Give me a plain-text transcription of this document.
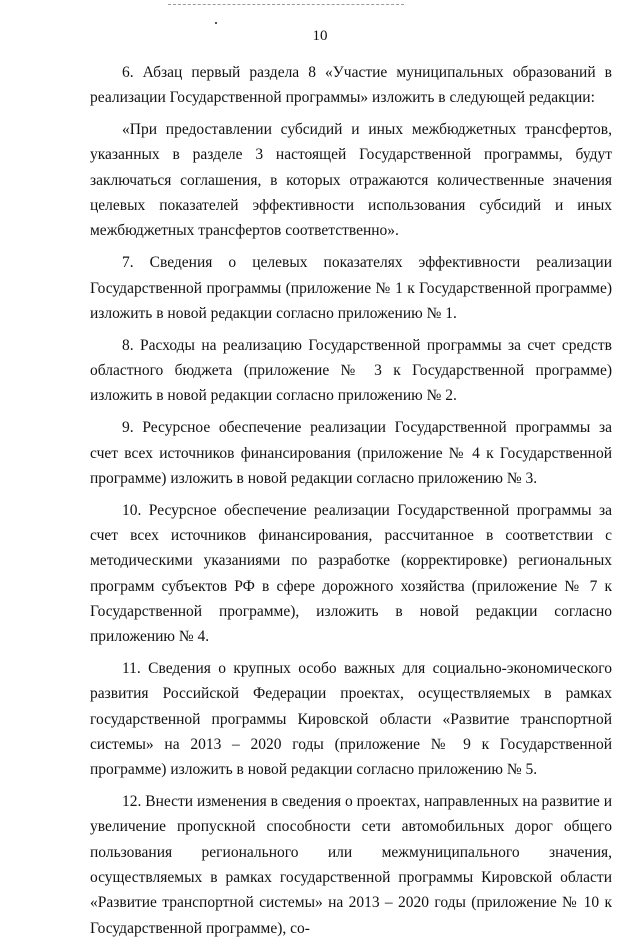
10

6. Абзац первый раздела 8 «Участие муниципальных образований в реализации Государственной программы» изложить в следующей редакции:

«При предоставлении субсидий и иных межбюджетных трансфертов, указанных в разделе 3 настоящей Государственной программы, будут заключаться соглашения, в которых отражаются количественные значения целевых показателей эффективности использования субсидий и иных межбюджетных трансфертов соответственно».

7. Сведения о целевых показателях эффективности реализации Государственной программы (приложение № 1 к Государственной программе) изложить в новой редакции согласно приложению № 1.

8. Расходы на реализацию Государственной программы за счет средств областного бюджета (приложение № 3 к Государственной программе) изложить в новой редакции согласно приложению № 2.

9. Ресурсное обеспечение реализации Государственной программы за счет всех источников финансирования (приложение № 4 к Государственной программе) изложить в новой редакции согласно приложению № 3.

10. Ресурсное обеспечение реализации Государственной программы за счет всех источников финансирования, рассчитанное в соответствии с методическими указаниями по разработке (корректировке) региональных программ субъектов РФ в сфере дорожного хозяйства (приложение № 7 к Государственной программе), изложить в новой редакции согласно приложению № 4.

11. Сведения о крупных особо важных для социально-экономического развития Российской Федерации проектах, осуществляемых в рамках государственной программы Кировской области «Развитие транспортной системы» на 2013 – 2020 годы (приложение № 9 к Государственной программе) изложить в новой редакции согласно приложению № 5.

12. Внести изменения в сведения о проектах, направленных на развитие и увеличение пропускной способности сети автомобильных дорог общего пользования регионального или межмуниципального значения, осуществляемых в рамках государственной программы Кировской области «Развитие транспортной системы» на 2013 – 2020 годы (приложение № 10 к Государственной программе), со-
